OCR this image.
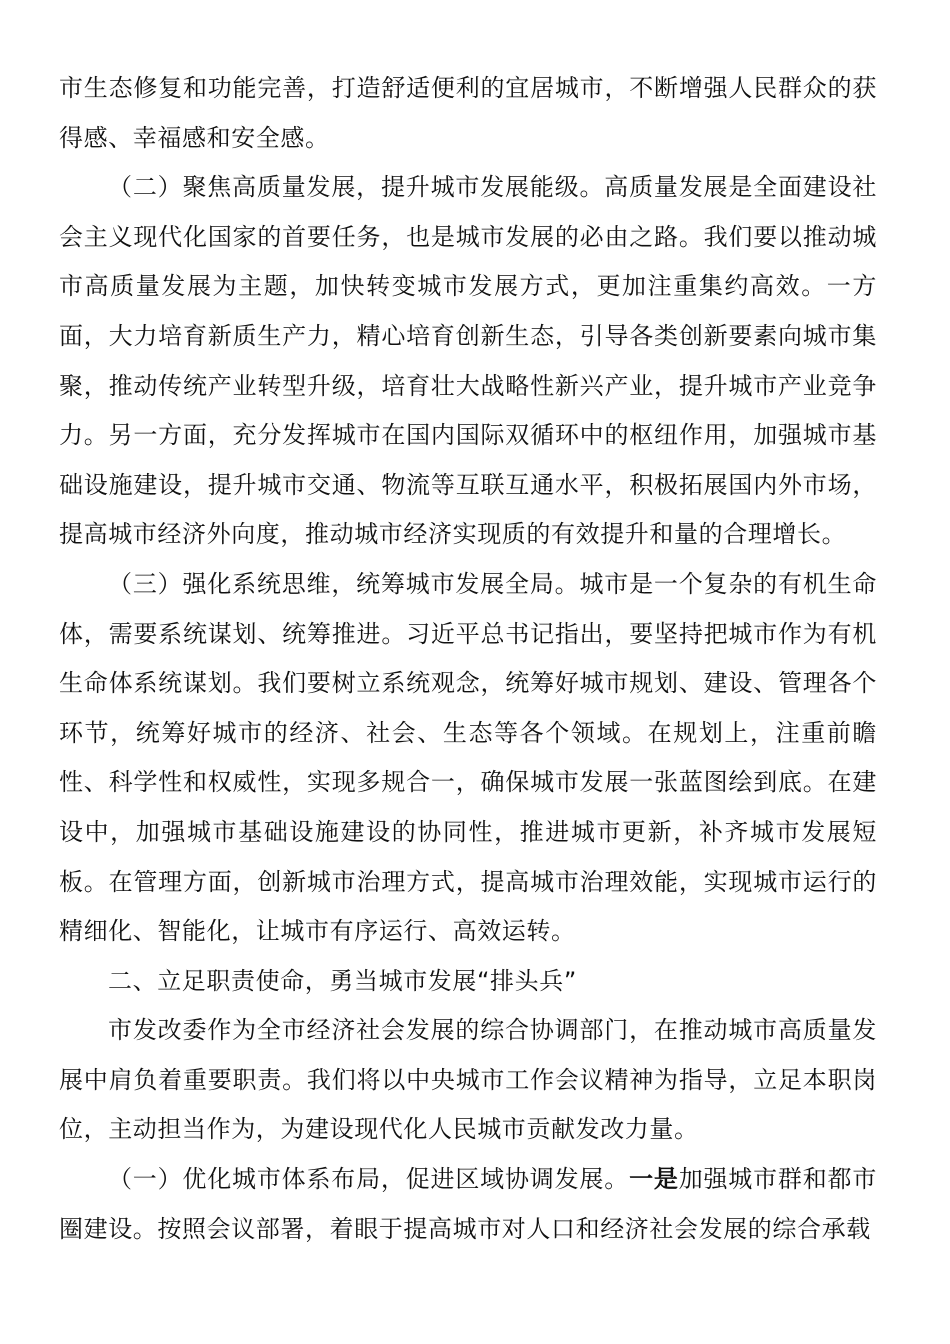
市生态修复和功能完善，打造舒适便利的宜居城市，不断增强人民群众的获得感、幸福感和安全感。

（二）聚焦高质量发展，提升城市发展能级。高质量发展是全面建设社会主义现代化国家的首要任务，也是城市发展的必由之路。我们要以推动城市高质量发展为主题，加快转变城市发展方式，更加注重集约高效。一方面，大力培育新质生产力，精心培育创新生态，引导各类创新要素向城市集聚，推动传统产业转型升级，培育壮大战略性新兴产业，提升城市产业竞争力。另一方面，充分发挥城市在国内国际双循环中的枢纽作用，加强城市基础设施建设，提升城市交通、物流等互联互通水平，积极拓展国内外市场，提高城市经济外向度，推动城市经济实现质的有效提升和量的合理增长。

（三）强化系统思维，统筹城市发展全局。城市是一个复杂的有机生命体，需要系统谋划、统筹推进。习近平总书记指出，要坚持把城市作为有机生命体系统谋划。我们要树立系统观念，统筹好城市规划、建设、管理各个环节，统筹好城市的经济、社会、生态等各个领域。在规划上，注重前瞻性、科学性和权威性，实现多规合一，确保城市发展一张蓝图绘到底。在建设中，加强城市基础设施建设的协同性，推进城市更新，补齐城市发展短板。在管理方面，创新城市治理方式，提高城市治理效能，实现城市运行的精细化、智能化，让城市有序运行、高效运转。

二、立足职责使命，勇当城市发展“排头兵”

市发改委作为全市经济社会发展的综合协调部门，在推动城市高质量发展中肩负着重要职责。我们将以中央城市工作会议精神为指导，立足本职岗位，主动担当作为，为建设现代化人民城市贡献发改力量。

（一）优化城市体系布局，促进区域协调发展。一是加强城市群和都市圈建设。按照会议部署，着眼于提高城市对人口和经济社会发展的综合承载
